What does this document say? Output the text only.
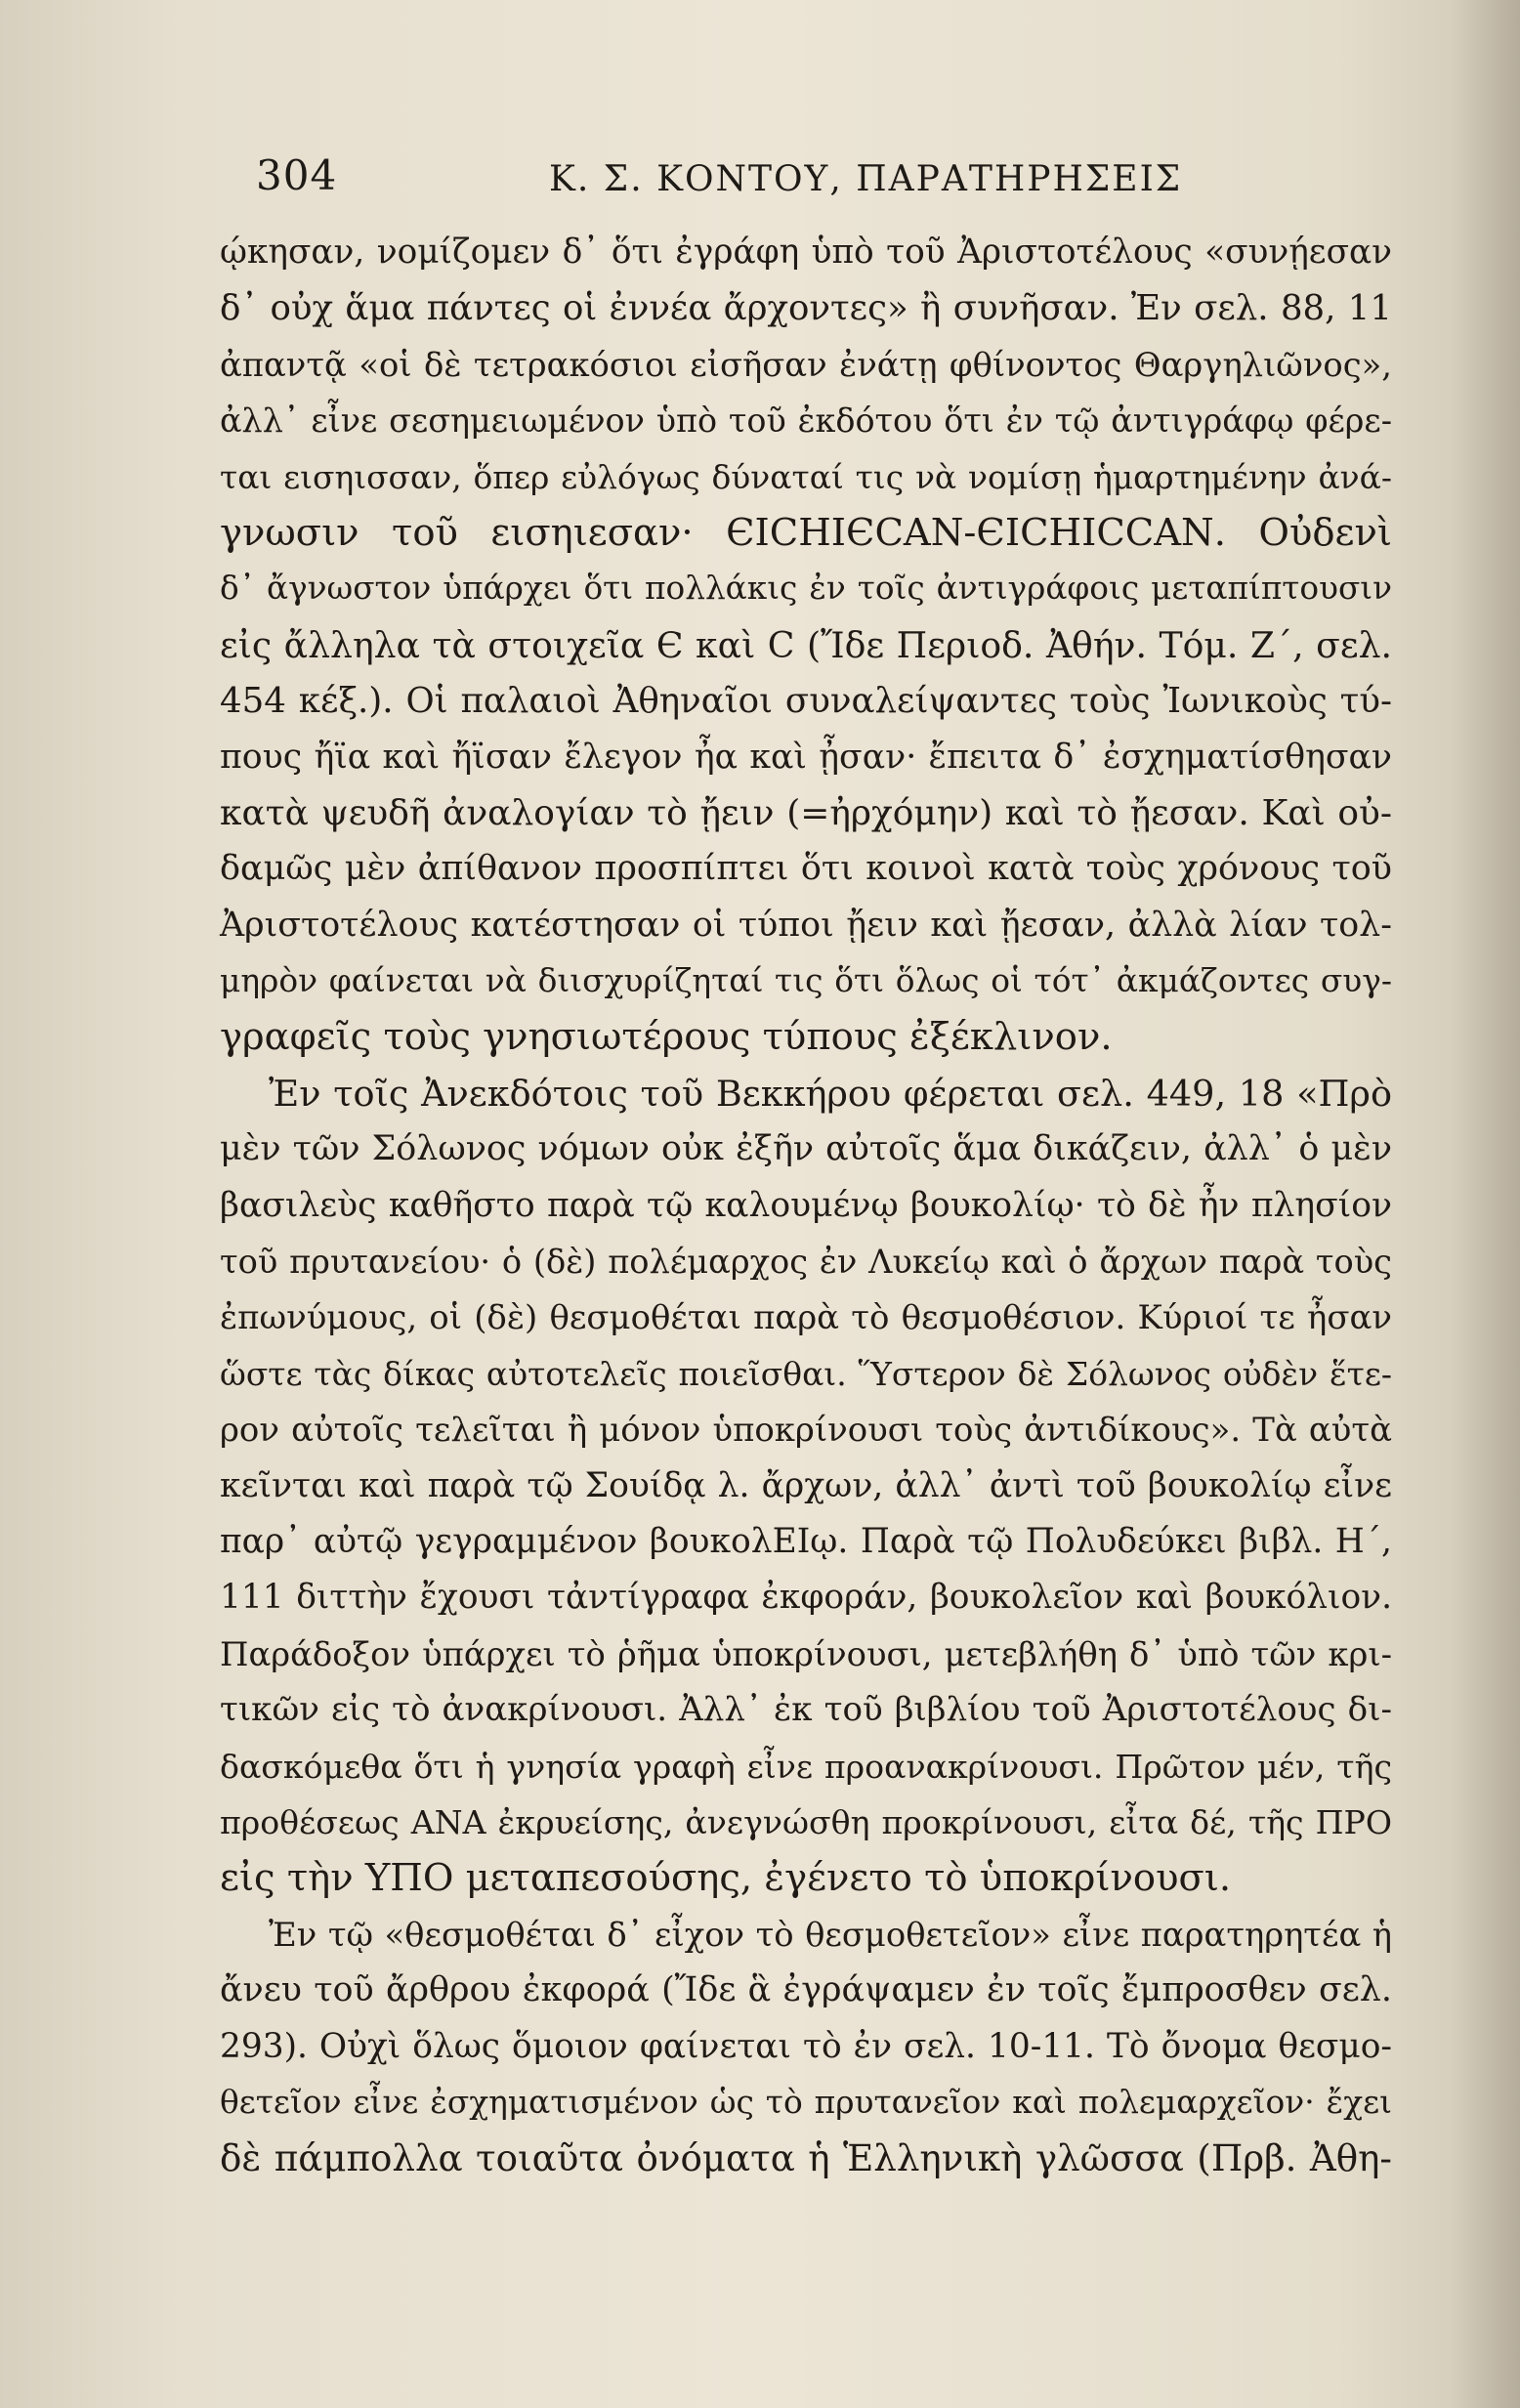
304	Κ. Σ. ΚΟΝΤΟΥ, ΠΑΡΑΤΗΡΗΣΕΙΣ
ῴκησαν, νομίζομεν δ᾽ ὅτι ἐγράφη ὑπὸ τοῦ Ἀριστοτέλους «συνῄεσαν
δ᾽ οὐχ ἅμα πάντες οἱ ἐννέα ἄρχοντες» ἢ συνῆσαν. Ἐν σελ. 88, 11
ἀπαντᾷ «οἱ δὲ τετρακόσιοι εἰσῆσαν ἐνάτῃ φθίνοντος Θαργηλιῶνος»,
ἀλλ᾽ εἶνε σεσημειωμένον ὑπὸ τοῦ ἐκδότου ὅτι ἐν τῷ ἀντιγράφῳ φέρε-
ται εισηισσαν, ὅπερ εὐλόγως δύναταί τις νὰ νομίσῃ ἡμαρτημένην ἀνά-
γνωσιν τοῦ εισηιεσαν· ЄΙCΗΙЄCΑΝ-ЄΙCΗΙCCΑΝ. Οὐδενὶ
δ᾽ ἄγνωστον ὑπάρχει ὅτι πολλάκις ἐν τοῖς ἀντιγράφοις μεταπίπτουσιν
εἰς ἄλληλα τὰ στοιχεῖα Є καὶ C (Ἴδε Περιοδ. Ἀθήν. Τόμ. Ζ΄, σελ.
454 κέξ.). Οἱ παλαιοὶ Ἀθηναῖοι συναλείψαντες τοὺς Ἰωνικοὺς τύ-
πους ἤϊα καὶ ἤϊσαν ἔλεγον ἦα καὶ ᾖσαν· ἔπειτα δ᾽ ἐσχηματίσθησαν
κατὰ ψευδῆ ἀναλογίαν τὸ ᾔειν (=ἠρχόμην) καὶ τὸ ᾔεσαν. Καὶ οὐ-
δαμῶς μὲν ἀπίθανον προσπίπτει ὅτι κοινοὶ κατὰ τοὺς χρόνους τοῦ
Ἀριστοτέλους κατέστησαν οἱ τύποι ᾔειν καὶ ᾔεσαν, ἀλλὰ λίαν τολ-
μηρὸν φαίνεται νὰ διισχυρίζηταί τις ὅτι ὅλως οἱ τότ᾽ ἀκμάζοντες συγ-
γραφεῖς τοὺς γνησιωτέρους τύπους ἐξέκλινον.
Ἐν τοῖς Ἀνεκδότοις τοῦ Βεκκήρου φέρεται σελ. 449, 18 «Πρὸ
μὲν τῶν Σόλωνος νόμων οὐκ ἐξῆν αὐτοῖς ἅμα δικάζειν, ἀλλ᾽ ὁ μὲν
βασιλεὺς καθῆστο παρὰ τῷ καλουμένῳ βουκολίῳ· τὸ δὲ ἦν πλησίον
τοῦ πρυτανείου· ὁ (δὲ) πολέμαρχος ἐν Λυκείῳ καὶ ὁ ἄρχων παρὰ τοὺς
ἐπωνύμους, οἱ (δὲ) θεσμοθέται παρὰ τὸ θεσμοθέσιον. Κύριοί τε ἦσαν
ὥστε τὰς δίκας αὐτοτελεῖς ποιεῖσθαι. Ὕστερον δὲ Σόλωνος οὐδὲν ἕτε-
ρον αὐτοῖς τελεῖται ἢ μόνον ὑποκρίνουσι τοὺς ἀντιδίκους». Τὰ αὐτὰ
κεῖνται καὶ παρὰ τῷ Σουίδᾳ λ. ἄρχων, ἀλλ᾽ ἀντὶ τοῦ βουκολίῳ εἶνε
παρ᾽ αὐτῷ γεγραμμένον βουκολΕΙῳ. Παρὰ τῷ Πολυδεύκει βιβλ. Η΄,
111 διττὴν ἔχουσι τἀντίγραφα ἐκφοράν, βουκολεῖον καὶ βουκόλιον.
Παράδοξον ὑπάρχει τὸ ῥῆμα ὑποκρίνουσι, μετεβλήθη δ᾽ ὑπὸ τῶν κρι-
τικῶν εἰς τὸ ἀνακρίνουσι. Ἀλλ᾽ ἐκ τοῦ βιβλίου τοῦ Ἀριστοτέλους δι-
δασκόμεθα ὅτι ἡ γνησία γραφὴ εἶνε προανακρίνουσι. Πρῶτον μέν, τῆς
προθέσεως ΑΝΑ ἐκρυείσης, ἀνεγνώσθη προκρίνουσι, εἶτα δέ, τῆς ΠΡΟ
εἰς τὴν ΥΠΟ μεταπεσούσης, ἐγένετο τὸ ὑποκρίνουσι.
Ἐν τῷ «θεσμοθέται δ᾽ εἶχον τὸ θεσμοθετεῖον» εἶνε παρατηρητέα ἡ
ἄνευ τοῦ ἄρθρου ἐκφορά (Ἴδε ἃ ἐγράψαμεν ἐν τοῖς ἔμπροσθεν σελ.
293). Οὐχὶ ὅλως ὅμοιον φαίνεται τὸ ἐν σελ. 10-11. Τὸ ὄνομα θεσμο-
θετεῖον εἶνε ἐσχηματισμένον ὡς τὸ πρυτανεῖον καὶ πολεμαρχεῖον· ἔχει
δὲ πάμπολλα τοιαῦτα ὀνόματα ἡ Ἑλληνικὴ γλῶσσα (Πρβ. Ἀθη-
